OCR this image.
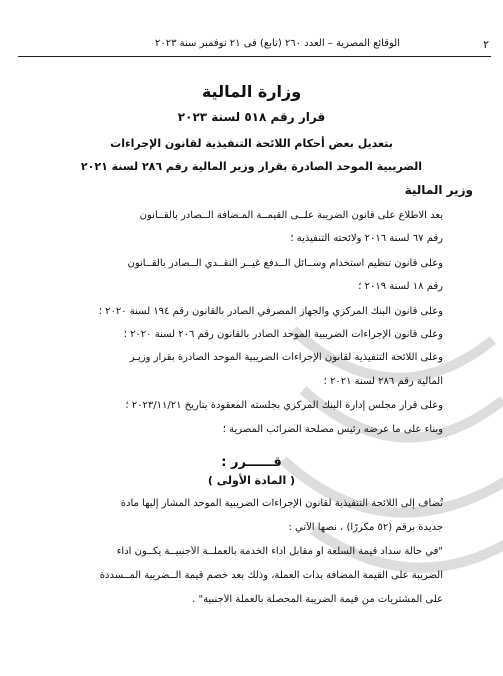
٢
الوقائع المصرية – العدد ٢٦٠ (تابع) فى ٢١ نوفمبر سنة ٢٠٢٣
وزارة المالية
قرار رقم ٥١٨ لسنة ٢٠٢٣
بتعديل بعض أحكام اللائحة التنفيذية لقانون الإجراءات
الضريبية الموحد الصادرة بقرار وزير المالية رقم ٢٨٦ لسنة ٢٠٢١
وزير المالية
بعد الاطلاع على قانون الضريبة علــى القيمــة المـضافة الــصادر بالقــانون
رقم ٦٧ لسنة ٢٠١٦ ولائحته التنفيذية ؛
وعلى قانون تنظيم استخدام وســائل الــدفع غيــر النقــدي الــصادر بالقــانون
رقم ١٨ لسنة ٢٠١٩ ؛
وعلى قانون البنك المركزي والجهاز المصرفي الصادر بالقانون رقم ١٩٤ لسنة ٢٠٢٠ ؛
وعلى قانون الإجراءات الضريبية الموحد الصادر بالقانون رقم ٢٠٦ لسنة ٢٠٢٠ ؛
وعلى اللائحة التنفيذية لقانون الإجراءات الضريبية الموحد الصادرة بقرار وزيـر
المالية رقم ٢٨٦ لسنة ٢٠٢١ ؛
وعلى قرار مجلس إدارة البنك المركزي بجلسته المعقودة بتاريخ ٢٠٢٣/١١/٢١ ؛
وبناء على ما عرضه رئيس مصلحة الضرائب المصرية ؛
قــــــرر :
( المادة الأولى )
تُضاف إلى اللائحة التنفيذية لقانون الإجراءات الضريبية الموحد المشار إليها مادة
جديدة برقم (٥٢ مكررًا) ، نصها الآتي :
"في حالة سداد قيمة السلعة أو مقابل أداء الخدمة بالعملــة الأجنبيــة يكــون أداء
الضريبة على القيمة المضافة بذات العملة، وذلك بعد خصم قيمة الــضريبة المــسددة
على المشتريات من قيمة الضريبة المحصلة بالعملة الأجنبية" .
